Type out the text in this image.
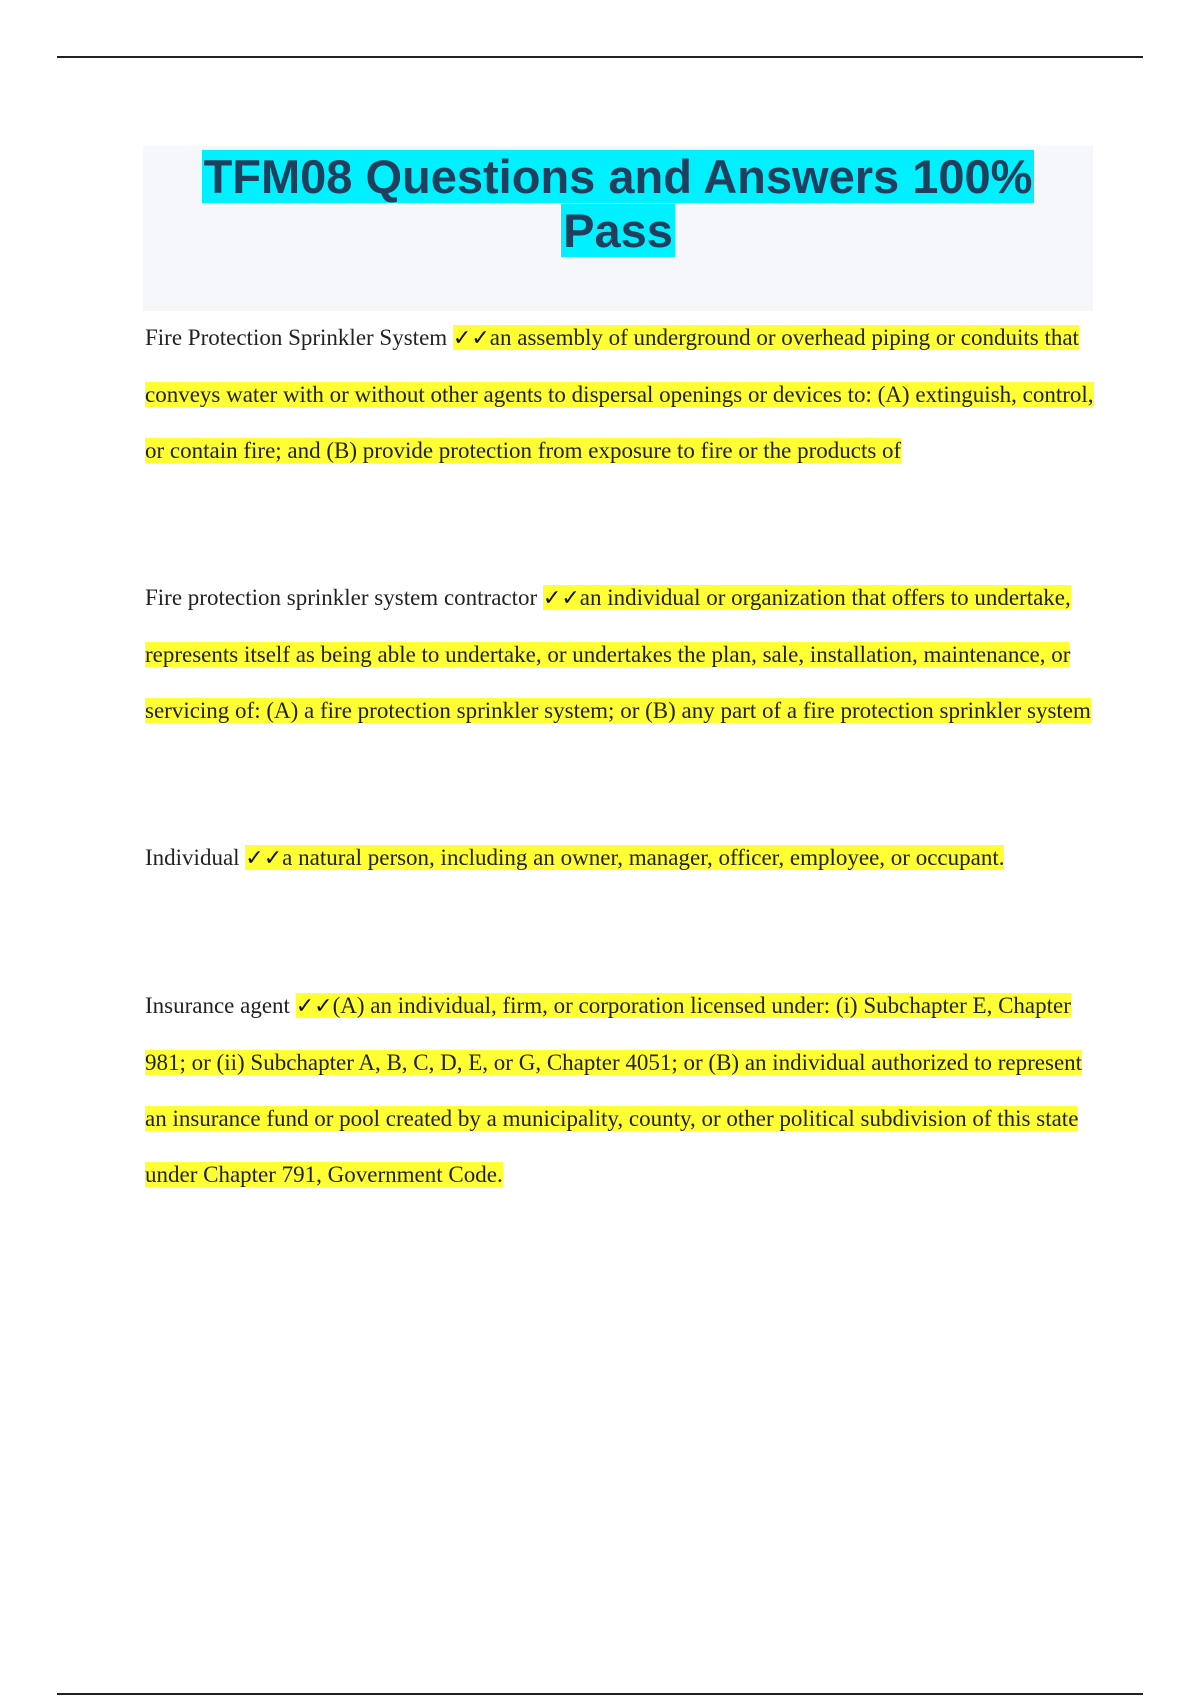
TFM08 Questions and Answers 100% Pass

Fire Protection Sprinkler System ✓✓an assembly of underground or overhead piping or conduits that conveys water with or without other agents to dispersal openings or devices to: (A) extinguish, control, or contain fire; and (B) provide protection from exposure to fire or the products of

Fire protection sprinkler system contractor ✓✓an individual or organization that offers to undertake, represents itself as being able to undertake, or undertakes the plan, sale, installation, maintenance, or servicing of: (A) a fire protection sprinkler system; or (B) any part of a fire protection sprinkler system

Individual ✓✓a natural person, including an owner, manager, officer, employee, or occupant.

Insurance agent ✓✓(A) an individual, firm, or corporation licensed under: (i) Subchapter E, Chapter 981; or (ii) Subchapter A, B, C, D, E, or G, Chapter 4051; or (B) an individual authorized to represent an insurance fund or pool created by a municipality, county, or other political subdivision of this state under Chapter 791, Government Code.
